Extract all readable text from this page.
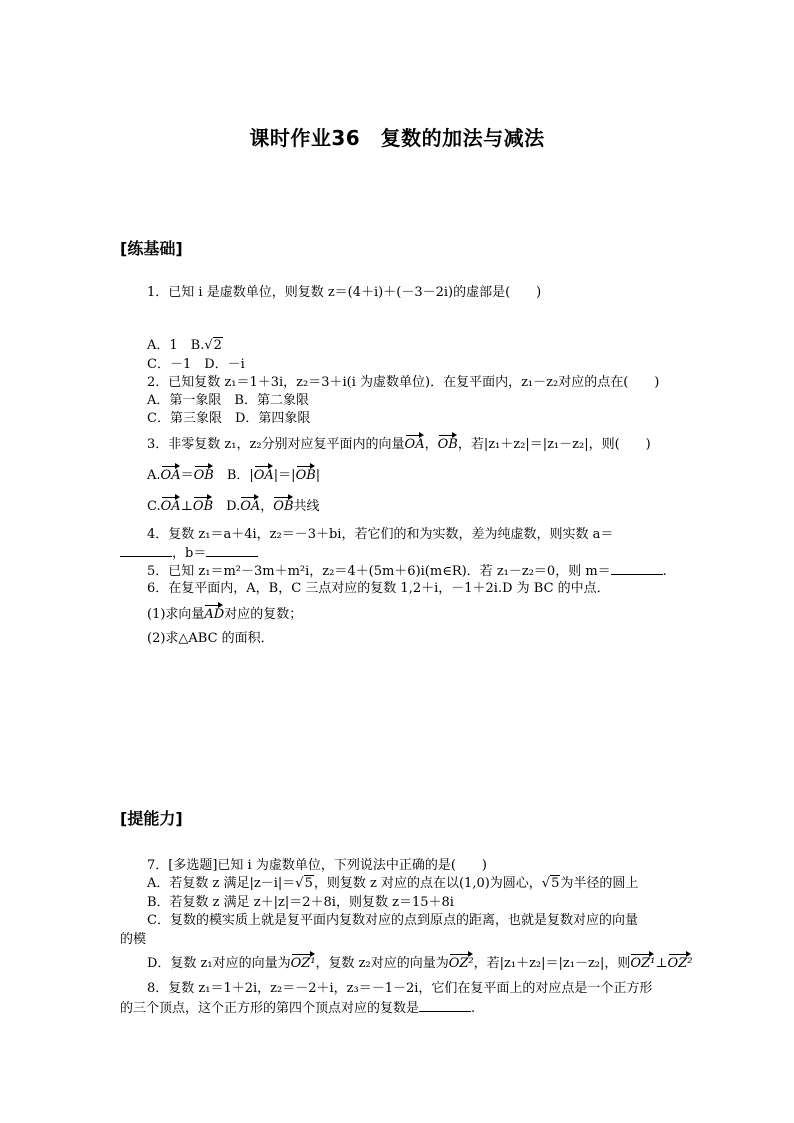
课时作业36　复数的加法与减法
[练基础]
1．已知 i 是虚数单位，则复数 z＝(4＋i)＋(－3－2i)的虚部是(　　)
A．1　B.√2
C．－1　D．－i
2．已知复数 z₁＝1＋3i，z₂＝3＋i(i 为虚数单位)．在复平面内，z₁－z₂对应的点在(　　)
A．第一象限　B．第二象限
C．第三象限　D．第四象限
3．非零复数 z₁，z₂分别对应复平面内的向量OA，OB，若|z₁＋z₂|＝|z₁－z₂|，则(　　)
A.OA＝OB　B．|OA|＝|OB|
C.OA⊥OB　D.OA，OB共线
4．复数 z₁＝a＋4i，z₂＝－3＋bi，若它们的和为实数，差为纯虚数，则实数 a＝
，b＝
5．已知 z₁＝m²－3m＋m²i，z₂＝4＋(5m＋6)i(m∈R)．若 z₁－z₂＝0，则 m＝	.
6．在复平面内，A，B，C 三点对应的复数 1,2＋i，－1＋2i.D 为 BC 的中点．
(1)求向量AD对应的复数；
(2)求△ABC 的面积．
[提能力]
7．[多选题]已知 i 为虚数单位，下列说法中正确的是(　　)
A．若复数 z 满足|z－i|＝√5，则复数 z 对应的点在以(1,0)为圆心，√5为半径的圆上
B．若复数 z 满足 z＋|z|＝2＋8i，则复数 z＝15＋8i
C．复数的模实质上就是复平面内复数对应的点到原点的距离，也就是复数对应的向量
的模
D．复数 z₁对应的向量为OZ¹，复数 z₂对应的向量为OZ²，若|z₁＋z₂|＝|z₁－z₂|，则OZ¹⊥OZ²
8．复数 z₁＝1＋2i，z₂＝－2＋i，z₃＝－1－2i，它们在复平面上的对应点是一个正方形
的三个顶点，这个正方形的第四个顶点对应的复数是	.
